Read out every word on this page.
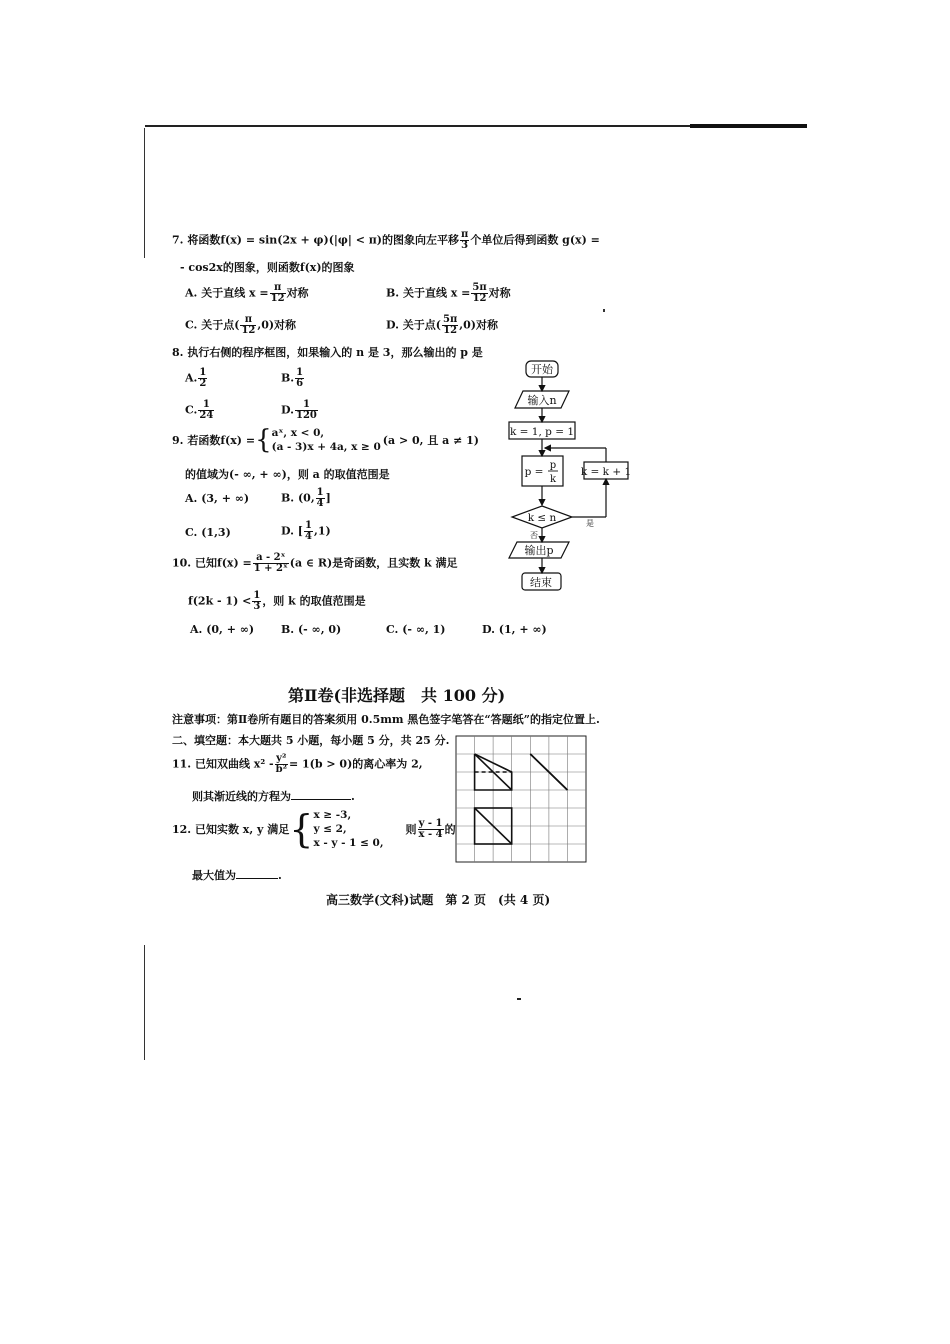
7. 将函数f(x) = sin(2x + φ)(|φ| < π)的图象向左平移 $\frac{\pi}{3}$ 个单位后得到函数 g(x) =
- cos2x的图象，则函数f(x)的图象
A. 关于直线 $x = \frac{\pi}{12}$ 对称	B. 关于直线 $x = \frac{5\pi}{12}$ 对称
C. 关于点( $\frac{\pi}{12} ,0$)对称	D. 关于点( $\frac{5\pi}{12} ,0$)对称
8. 执行右侧的程序框图，如果输入的 n 是 3，那么输出的 p 是
A. $\frac{1}{2}$	B. $\frac{1}{6}$
C. $\frac{1}{24}$	D. $\frac{1}{120}$
9. 若函数f(x) ={aˣ, x < 0,
(a - 3)x + 4a, x ≥ 0 (a > 0, 且 a ≠ 1)
的值域为(- ∞, + ∞)，则 a 的取值范围是
A. (3, + ∞)	B. (0, $\frac{1}{4}$ ]
C. (1,3)	D. [ $\frac{1}{4} ,1$)
10. 已知$f(x) = \frac{\text{a - 2ˣ}}{\text{1 + 2ˣ}} (a$ ∈ R)是奇函数，且实数 k 满足
$f(2k - 1) < \frac{1}{3}$ ，则 k 的取值范围是
A. (0, + ∞) B. (- ∞, 0)	C. (- ∞, 1)	D. (1, + ∞)
开始
输入n
k = 1, p = 1
p =
p
k
k = k + 1
k ≤ n
否
是
输出p
结束
第Ⅱ卷(非选择题　共 100 分)
注意事项：第Ⅱ卷所有题目的答案须用 0.5mm 黑色签字笔答在“答题纸”的指定位置上.
二、填空题：本大题共 5 小题，每小题 5 分，共 25 分.
11. 已知双曲线 $x^2 - \frac{\text{y²}}{\text{b²}} = 1(b > 0)$的离心率为 2,
则其渐近线的方程为	.
12. 已知实数 x, y 满足{x ≥ -3,
y ≤ 2,
x - y - 1 ≤ 0,则 $\frac{y - 1}{x - 4}$ 的
最大值为	.
高三数学(文科)试题　第 2 页　(共 4 页)
